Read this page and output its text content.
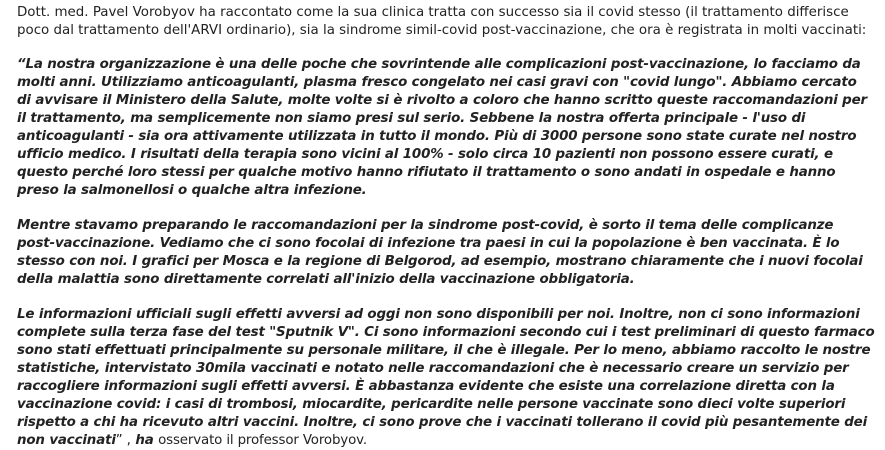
Dott. med. Pavel Vorobyov ha raccontato come la sua clinica tratta con successo sia il covid stesso (il trattamento differisce poco dal trattamento dell'ARVI ordinario), sia la sindrome simil-covid post-vaccinazione, che ora è registrata in molti vaccinati:

“La nostra organizzazione è una delle poche che sovrintende alle complicazioni post-vaccinazione, lo facciamo da molti anni. Utilizziamo anticoagulanti, plasma fresco congelato nei casi gravi con "covid lungo". Abbiamo cercato di avvisare il Ministero della Salute, molte volte si è rivolto a coloro che hanno scritto queste raccomandazioni per il trattamento, ma semplicemente non siamo presi sul serio. Sebbene la nostra offerta principale - l'uso di anticoagulanti - sia ora attivamente utilizzata in tutto il mondo. Più di 3000 persone sono state curate nel nostro ufficio medico. I risultati della terapia sono vicini al 100% - solo circa 10 pazienti non possono essere curati, e questo perché loro stessi per qualche motivo hanno rifiutato il trattamento o sono andati in ospedale e hanno preso la salmonellosi o qualche altra infezione.

Mentre stavamo preparando le raccomandazioni per la sindrome post-covid, è sorto il tema delle complicanze post-vaccinazione. Vediamo che ci sono focolai di infezione tra paesi in cui la popolazione è ben vaccinata. È lo stesso con noi. I grafici per Mosca e la regione di Belgorod, ad esempio, mostrano chiaramente che i nuovi focolai della malattia sono direttamente correlati all'inizio della vaccinazione obbligatoria.

Le informazioni ufficiali sugli effetti avversi ad oggi non sono disponibili per noi. Inoltre, non ci sono informazioni complete sulla terza fase del test "Sputnik V". Ci sono informazioni secondo cui i test preliminari di questo farmaco sono stati effettuati principalmente su personale militare, il che è illegale. Per lo meno, abbiamo raccolto le nostre statistiche, intervistato 30mila vaccinati e notato nelle raccomandazioni che è necessario creare un servizio per raccogliere informazioni sugli effetti avversi. È abbastanza evidente che esiste una correlazione diretta con la vaccinazione covid: i casi di trombosi, miocardite, pericardite nelle persone vaccinate sono dieci volte superiori rispetto a chi ha ricevuto altri vaccini. Inoltre, ci sono prove che i vaccinati tollerano il covid più pesantemente dei non vaccinati” , ha osservato il professor Vorobyov.
